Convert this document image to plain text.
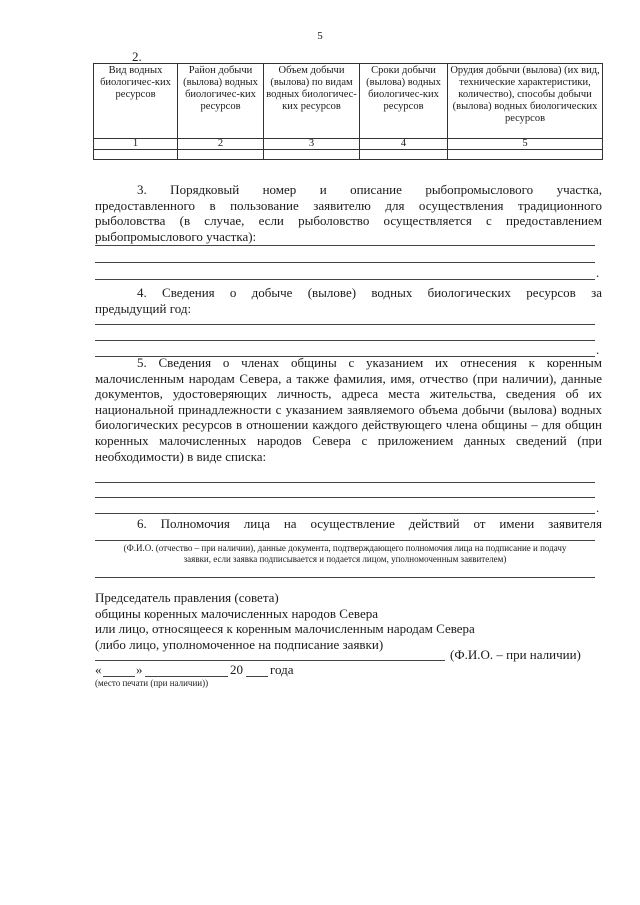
5
2.
Вид водных биологичес-ких ресурсов	Район добычи (вылова) водных биологичес-ких ресурсов	Объем добычи (вылова) по видам водных биологичес-ких ресурсов	Сроки добычи (вылова) водных биологичес-ких ресурсов	Орудия добычи (вылова) (их вид, технические характеристики, количество), способы добычи (вылова) водных биологических ресурсов
1	2	3	4	5

3. Порядковый номер и описание рыбопромыслового участка,

предоставленного в пользование заявителю для осуществления традиционного рыболовства (в случае, если рыболовство осуществляется с предоставлением рыбопромыслового участка):

.
4. Сведения о добыче (вылове) водных биологических ресурсов за

предыдущий год:

.
5. Сведения о членах общины с указанием их отнесения к коренным

малочисленным народам Севера, а также фамилия, имя, отчество (при наличии), данные документов, удостоверяющих личность, адреса места жительства, сведения об их национальной принадлежности с указанием заявляемого объема добычи (вылова) водных биологических ресурсов в отношении каждого действующего члена общины – для общин коренных малочисленных народов Севера с приложением данных сведений (при необходимости) в виде списка:

.
6. Полномочия лица на осуществление действий от имени заявителя
(Ф.И.О. (отчество – при наличии), данные документа, подтверждающего полномочия лица на подписание и подачу заявки, если заявка подписывается и подается лицом, уполномоченным заявителем)
Председатель правления (совета)
общины коренных малочисленных народов Севера
или лицо, относящееся к коренным малочисленным народам Севера
(либо лицо, уполномоченное на подписание заявки)
(Ф.И.О. – при наличии)
«	»	20 года
(место печати (при наличии))
